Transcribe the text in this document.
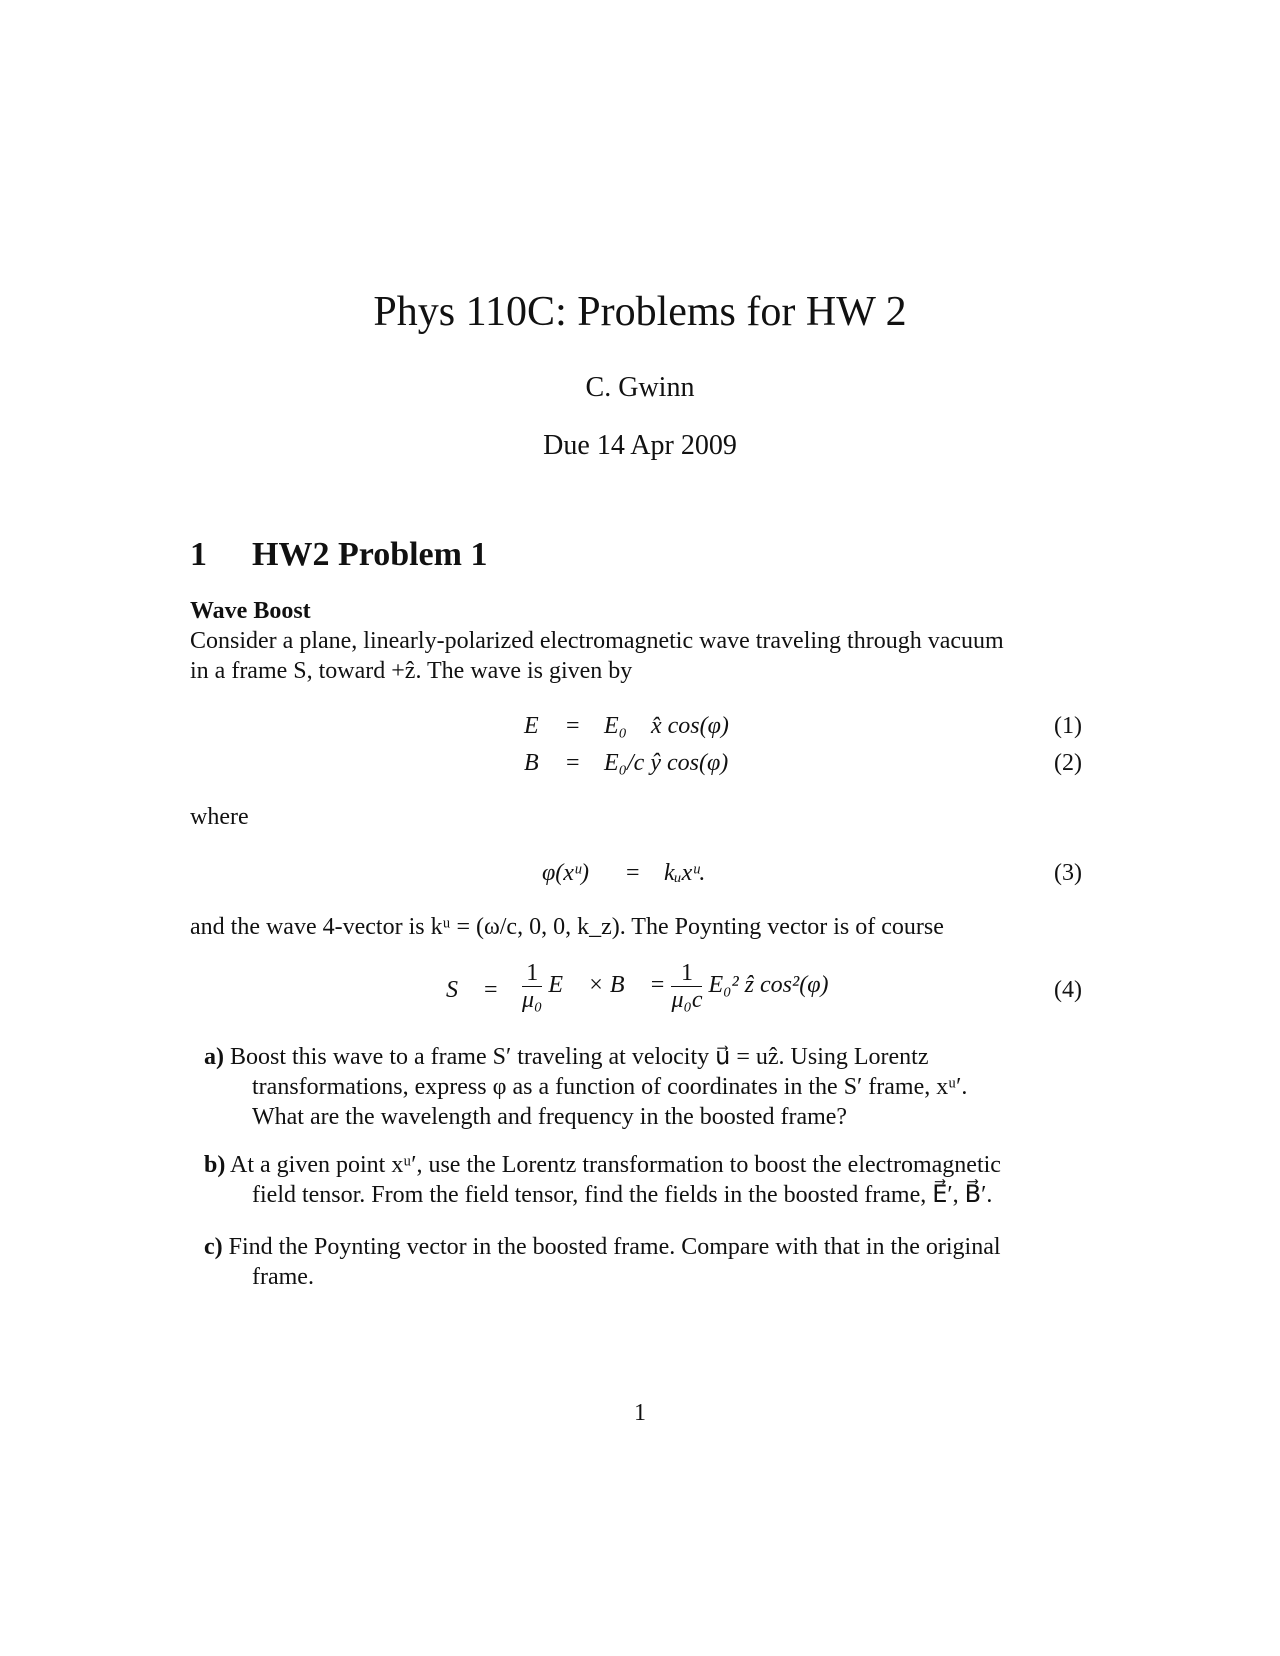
Phys 110C: Problems for HW 2
C. Gwinn
Due 14 Apr 2009
1 HW2 Problem 1
Wave Boost
Consider a plane, linearly-polarized electromagnetic wave traveling through vacuum
in a frame S, toward +ẑ. The wave is given by
E⃗ = E₀    x̂ cos(φ)	(1)
B⃗ = E₀/c ŷ cos(φ)	(2)
where
φ(xᵘ) = kᵤxᵘ.	(3)
and the wave 4-vector is kᵘ = (ω/c, 0, 0, k_z). The Poynting vector is of course
S⃗ = $\frac{1}{\text{μ₀}}$ E⃗ × B⃗ = $\frac{1}{\text{μ₀c}} E_0^2$ ẑ cos²(φ)	(4)
a) Boost this wave to a frame S′ traveling at velocity u⃗ = uẑ. Using Lorentz
transformations, express φ as a function of coordinates in the S′ frame, xᵘ′.
What are the wavelength and frequency in the boosted frame?
b) At a given point xᵘ′, use the Lorentz transformation to boost the electromagnetic
field tensor. From the field tensor, find the fields in the boosted frame, E⃗′, B⃗′.
c) Find the Poynting vector in the boosted frame. Compare with that in the original
frame.
1
